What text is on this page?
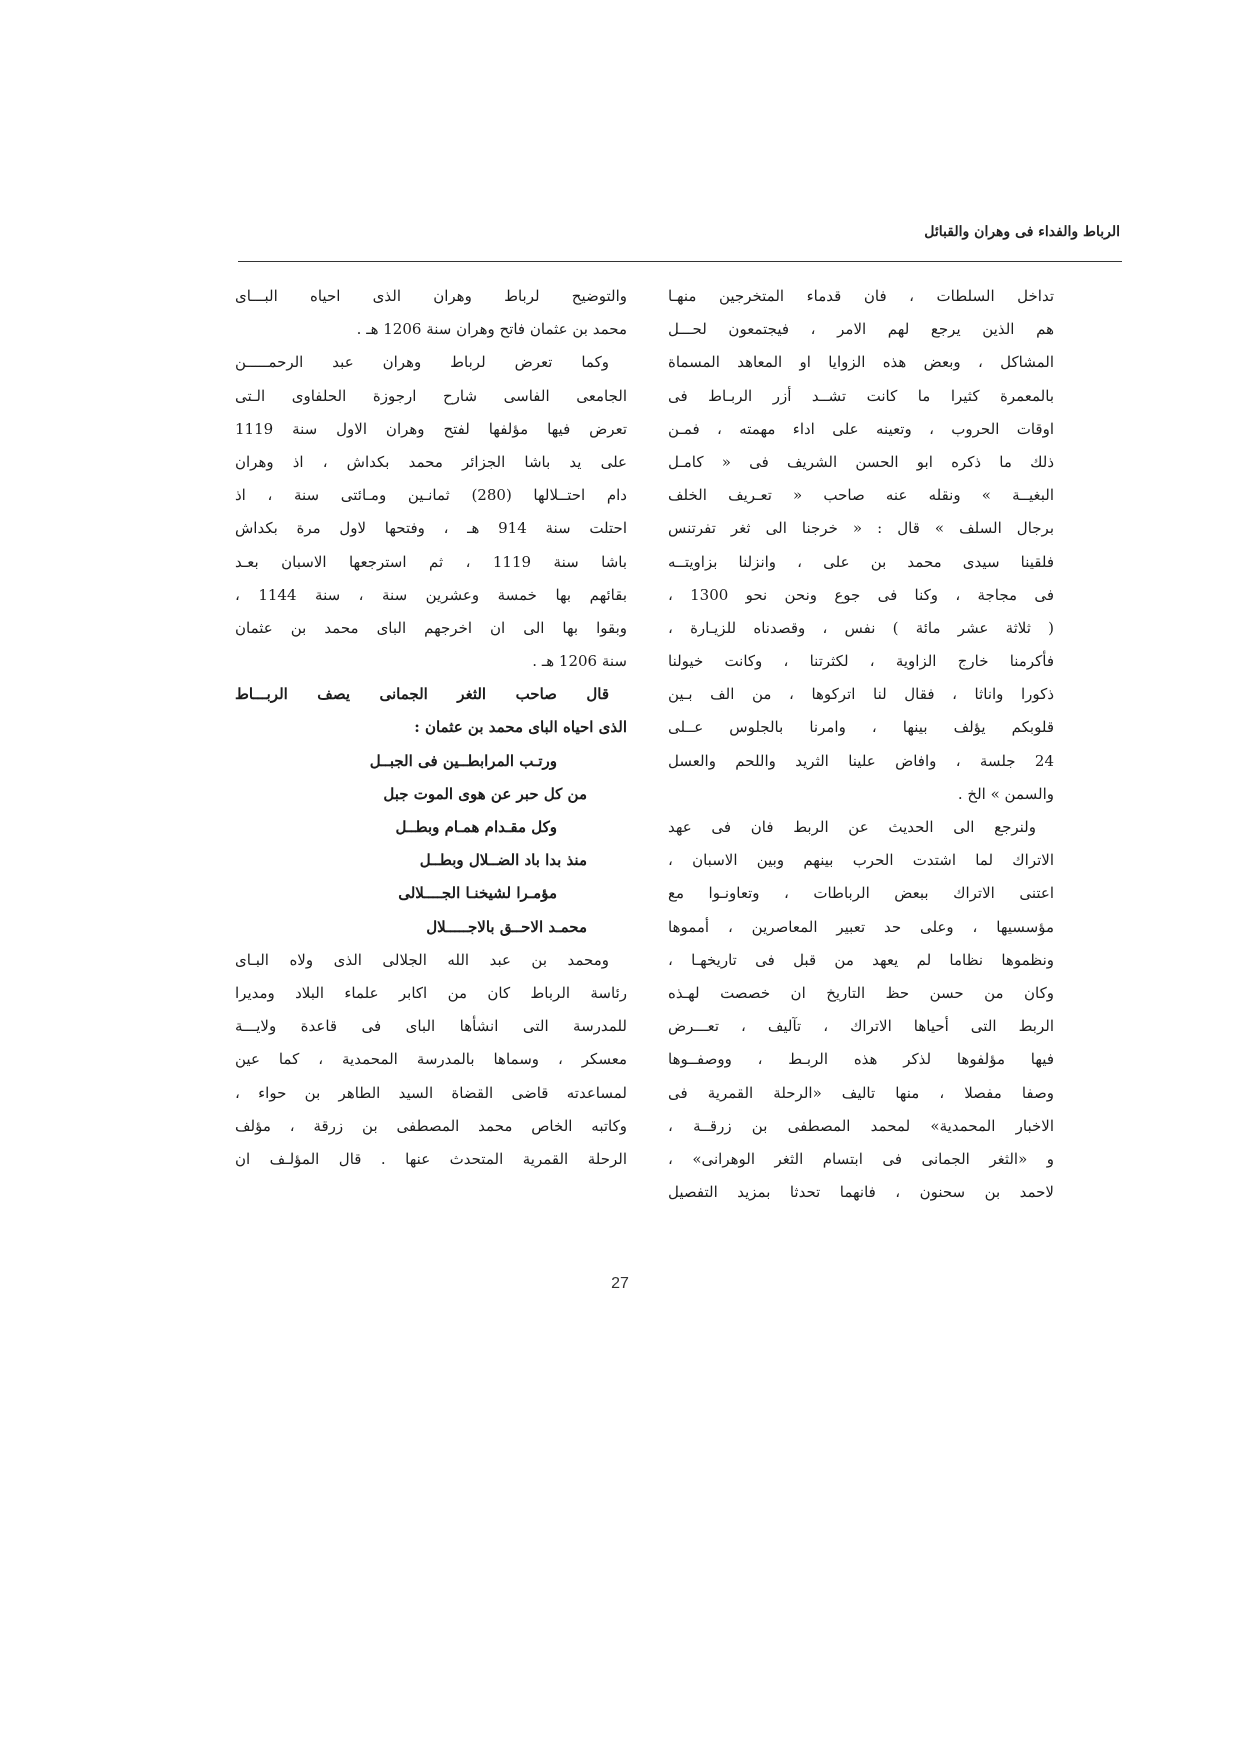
الرباط والفداء فى وهران والقبائل
تداخل السلطات ، فان قدماء المتخرجين منهـا
هم الذين يرجع لهم الامر ، فيجتمعون لحـــل
المشاكل ، وبعض هذه الزوايا او المعاهد المسماة
بالمعمرة كثيرا ما كانت تشــد أزر الربـاط فى
اوقات الحروب ، وتعينه على اداء مهمته ، فمـن
ذلك ما ذكره ابو الحسن الشريف فى « كامـل
البغيــة » ونقله عنه صاحب « تعـريف الخلف
برجال السلف » قال : « خرجنا الى ثغر تفرتنس
فلقينا سيدى محمد بن على ، وانزلنا بزاويتــه
فى مجاجة ، وكنا فى جوع ونحن نحو 1300 ،
( ثلاثة عشر مائة ) نفس ، وقصدناه للزيـارة ،
فأكرمنا خارج الزاوية ، لكثرتنا ، وكانت خيولنا
ذكورا واناثا ، فقال لنا اتركوها ، من الف بـين
قلوبكم يؤلف بينها ، وامرنا بالجلوس عــلى
24 جلسة ، وافاض علينا الثريد واللحم والعسل
والسمن » الخ .
ولنرجع الى الحديث عن الربط فان فى عهد
الاتراك لما اشتدت الحرب بينهم وبين الاسبان ،
اعتنى الاتراك ببعض الرباطات ، وتعاونـوا مع
مؤسسيها ، وعلى حد تعبير المعاصرين ، أمموها
ونظموها نظاما لم يعهد من قبل فى تاريخهـا ،
وكان من حسن حظ التاريخ ان خصصت لهـذه
الربط التى أحياها الاتراك ، تآليف ، تعـــرض
فيها مؤلفوها لذكر هذه الربـط ، ووصفــوها
وصفا مفصلا ، منها تاليف «الرحلة القمرية فى
الاخبار المحمدية» لمحمد المصطفى بن زرقــة ،
و «الثغر الجمانى فى ابتسام الثغر الوهرانى» ،
لاحمد بن سحنون ، فانهما تحدثا بمزيد التفصيل
والتوضيح لرباط وهران الذى احياه البـــاى
محمد بن عثمان فاتح وهران سنة 1206 هـ .
وكما تعرض لرباط وهران عبد الرحمـــــن
الجامعى الفاسى شارح ارجوزة الحلفاوى الـتى
تعرض فيها مؤلفها لفتح وهران الاول سنة 1119
على يد باشا الجزائر محمد بكداش ، اذ وهران
دام احتــلالها (280) ثمانـين ومـائتى سنة ، اذ
احتلت سنة 914 هـ ، وفتحها لاول مرة بكداش
باشا سنة 1119 ، ثم استرجعها الاسبان بعـد
بقائهم بها خمسة وعشرين سنة ، سنة 1144 ،
وبقوا بها الى ان اخرجهم الباى محمد بن عثمان
سنة 1206 هـ .
قال صاحب الثغر الجمانى يصف الربـــاط
الذى احياه الباى محمد بن عثمان :
ورتـب المرابطــين فى الجبــل
من كل حبر عن هوى الموت جبل
وكل مقـدام همـام وبطــل
منذ بدا باد الضــلال وبطــل
مؤمـرا لشيخنـا الجــــلالى
محمـد الاحــق بالاجـــــلال
ومحمد بن عبد الله الجلالى الذى ولاه البـاى
رئاسة الرباط كان من اكابر علماء البلاد ومديرا
للمدرسة التى انشأها الباى فى قاعدة ولايـــة
معسكر ، وسماها بالمدرسة المحمدية ، كما عين
لمساعدته قاضى القضاة السيد الطاهر بن حواء ،
وكاتبه الخاص محمد المصطفى بن زرقة ، مؤلف
الرحلة القمرية المتحدث عنها . قال المؤلـف ان
27
